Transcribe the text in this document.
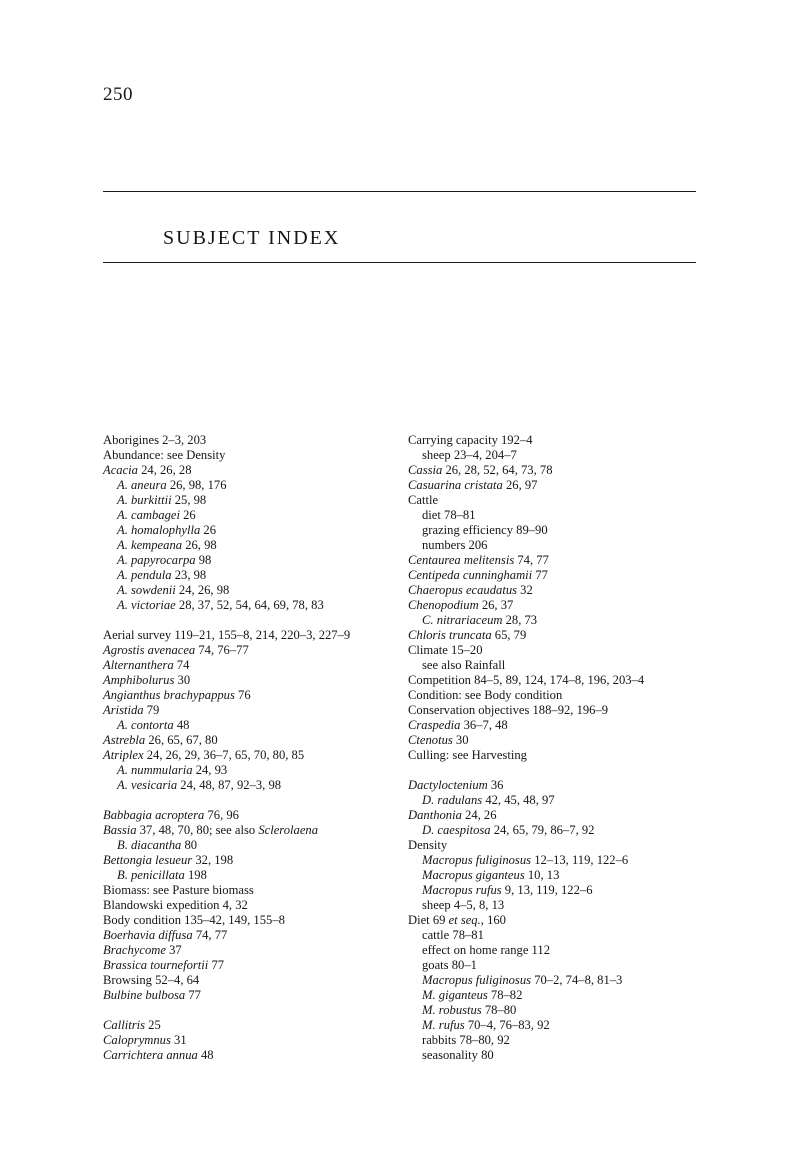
250
SUBJECT INDEX
Aborigines 2–3, 203
Abundance: see Density
Acacia 24, 26, 28
A. aneura 26, 98, 176
A. burkittii 25, 98
A. cambagei 26
A. homalophylla 26
A. kempeana 26, 98
A. papyrocarpa 98
A. pendula 23, 98
A. sowdenii 24, 26, 98
A. victoriae 28, 37, 52, 54, 64, 69, 78, 83
Aerial survey 119–21, 155–8, 214, 220–3, 227–9
Agrostis avenacea 74, 76–77
Alternanthera 74
Amphibolurus 30
Angianthus brachypappus 76
Aristida 79
A. contorta 48
Astrebla 26, 65, 67, 80
Atriplex 24, 26, 29, 36–7, 65, 70, 80, 85
A. nummularia 24, 93
A. vesicaria 24, 48, 87, 92–3, 98
Babbagia acroptera 76, 96
Bassia 37, 48, 70, 80; see also Sclerolaena
B. diacantha 80
Bettongia lesueur 32, 198
B. penicillata 198
Biomass: see Pasture biomass
Blandowski expedition 4, 32
Body condition 135–42, 149, 155–8
Boerhavia diffusa 74, 77
Brachycome 37
Brassica tournefortii 77
Browsing 52–4, 64
Bulbine bulbosa 77
Callitris 25
Caloprymnus 31
Carrichtera annua 48
Carrying capacity 192–4
sheep 23–4, 204–7
Cassia 26, 28, 52, 64, 73, 78
Casuarina cristata 26, 97
Cattle
diet 78–81
grazing efficiency 89–90
numbers 206
Centaurea melitensis 74, 77
Centipeda cunninghamii 77
Chaeropus ecaudatus 32
Chenopodium 26, 37
C. nitrariaceum 28, 73
Chloris truncata 65, 79
Climate 15–20
see also Rainfall
Competition 84–5, 89, 124, 174–8, 196, 203–4
Condition: see Body condition
Conservation objectives 188–92, 196–9
Craspedia 36–7, 48
Ctenotus 30
Culling: see Harvesting
Dactyloctenium 36
D. radulans 42, 45, 48, 97
Danthonia 24, 26
D. caespitosa 24, 65, 79, 86–7, 92
Density
Macropus fuliginosus 12–13, 119, 122–6
Macropus giganteus 10, 13
Macropus rufus 9, 13, 119, 122–6
sheep 4–5, 8, 13
Diet 69 et seq., 160
cattle 78–81
effect on home range 112
goats 80–1
Macropus fuliginosus 70–2, 74–8, 81–3
M. giganteus 78–82
M. robustus 78–80
M. rufus 70–4, 76–83, 92
rabbits 78–80, 92
seasonality 80
